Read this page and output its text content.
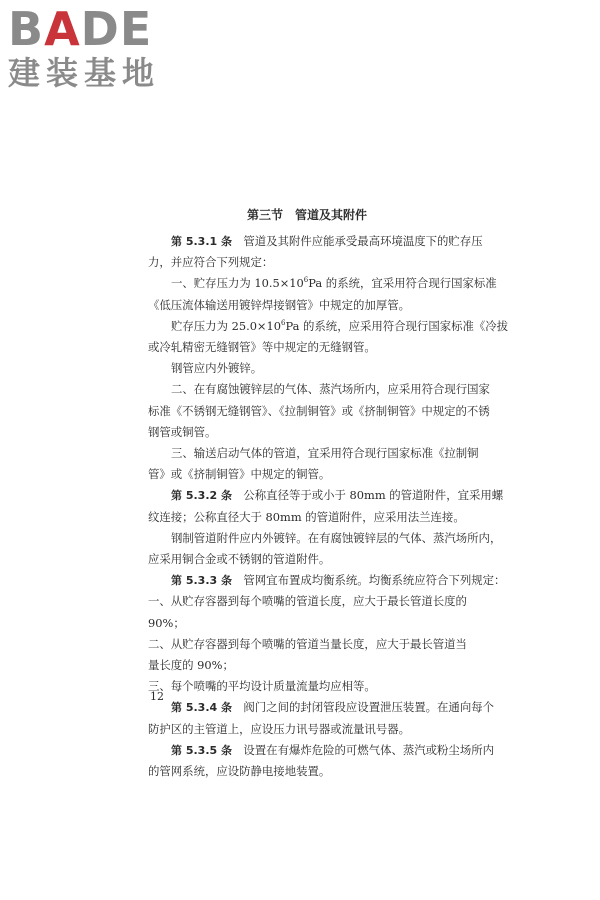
BADE
建装基地
第三节　管道及其附件
第 5.3.1 条　 管道及其附件应能承受最高环境温度下的贮存压
力，并应符合下列规定：
一、贮存压力为 $10.5\times 10^6Pa$ 的系统，宜采用符合现行国家标准
《低压流体输送用镀锌焊接钢管》中规定的加厚管。
贮存压力为 $25.0\times 10^6Pa$ 的系统，应采用符合现行国家标准《冷拔
或冷轧精密无缝钢管》等中规定的无缝钢管。
钢管应内外镀锌。
二、在有腐蚀镀锌层的气体、蒸汽场所内，应采用符合现行国家
标准《不锈钢无缝钢管》、《拉制铜管》或《挤制铜管》中规定的不锈
钢管或铜管。
三、输送启动气体的管道，宜采用符合现行国家标准《拉制铜
管》或《挤制铜管》中规定的铜管。
第 5.3.2 条　 公称直径等于或小于 80mm 的管道附件，宜采用螺
纹连接；公称直径大于 80mm 的管道附件，应采用法兰连接。
钢制管道附件应内外镀锌。在有腐蚀镀锌层的气体、蒸汽场所内，
应采用铜合金或不锈钢的管道附件。
第 5.3.3 条　 管网宜布置成均衡系统。均衡系统应符合下列规定：
一、从贮存容器到每个喷嘴的管道长度，应大于最长管道长度的
90%；
二、从贮存容器到每个喷嘴的管道当量长度，应大于最长管道当
量长度的 90%；
三、每个喷嘴的平均设计质量流量均应相等。
第 5.3.4 条　 阀门之间的封闭管段应设置泄压装置。在通向每个
防护区的主管道上，应设压力讯号器或流量讯号器。
第 5.3.5 条　 设置在有爆炸危险的可燃气体、蒸汽或粉尘场所内
的管网系统，应设防静电接地装置。
12
